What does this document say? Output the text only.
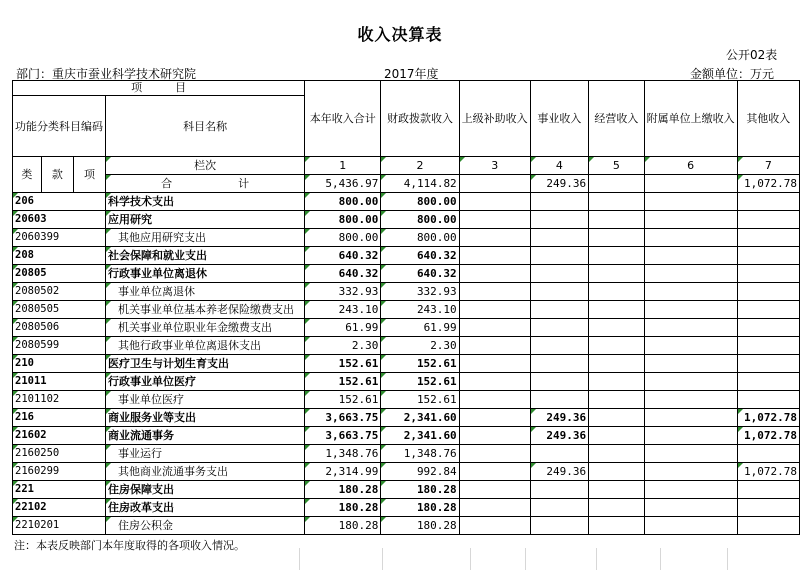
收入决算表
公开02表
部门：重庆市蚕业科学技术研究院	2017年度	金额单位：万元
项　　　目				本年收入合计	财政拨款收入	上级补助收入	事业收入	经营收入	附属单位上缴收入	其他收入
功能分类科目编码			科目名称							

类	款	项	栏次	1	2	3	4	5	6	7
			合　　　　　　计	5,436.97	4,114.82		249.36			1,072.78
206			科学技术支出	800.00	800.00					
20603			应用研究	800.00	800.00					
2060399			其他应用研究支出	800.00	800.00					
208			社会保障和就业支出	640.32	640.32					
20805			行政事业单位离退休	640.32	640.32					
2080502			事业单位离退休	332.93	332.93					
2080505			机关事业单位基本养老保险缴费支出	243.10	243.10					
2080506			机关事业单位职业年金缴费支出	61.99	61.99					
2080599			其他行政事业单位离退休支出	2.30	2.30					
210			医疗卫生与计划生育支出	152.61	152.61					
21011			行政事业单位医疗	152.61	152.61					
2101102			事业单位医疗	152.61	152.61					
216			商业服务业等支出	3,663.75	2,341.60		249.36			1,072.78
21602			商业流通事务	3,663.75	2,341.60		249.36			1,072.78
2160250			事业运行	1,348.76	1,348.76					
2160299			其他商业流通事务支出	2,314.99	992.84		249.36			1,072.78
221			住房保障支出	180.28	180.28					
22102			住房改革支出	180.28	180.28					
2210201			住房公积金	180.28	180.28					
注：本表反映部门本年度取得的各项收入情况。
